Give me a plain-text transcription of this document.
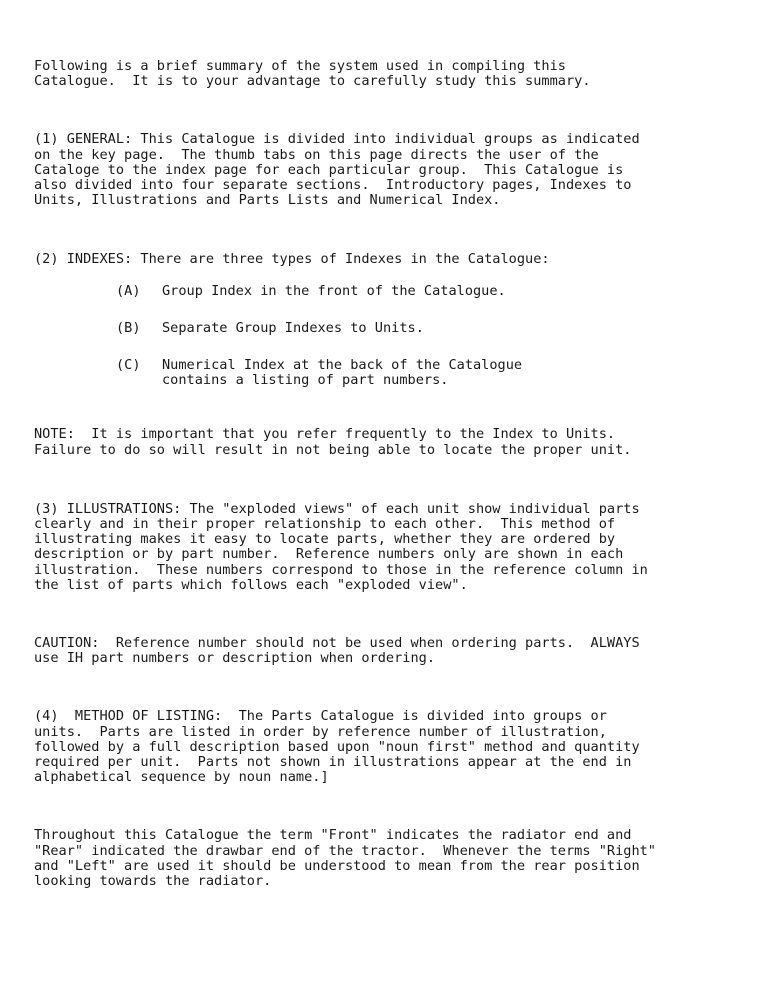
Following is a brief summary of the system used in compiling this
Catalogue.  It is to your advantage to carefully study this summary.

(1) GENERAL: This Catalogue is divided into individual groups as indicated
on the key page.  The thumb tabs on this page directs the user of the
Cataloge to the index page for each particular group.  This Catalogue is
also divided into four separate sections.  Introductory pages, Indexes to
Units, Illustrations and Parts Lists and Numerical Index.

(2) INDEXES: There are three types of Indexes in the Catalogue:

(A) Group Index in the front of the Catalogue.
(B) Separate Group Indexes to Units.
(C) Numerical Index at the back of the Catalogue
contains a listing of part numbers.

NOTE:  It is important that you refer frequently to the Index to Units.
Failure to do so will result in not being able to locate the proper unit.

(3) ILLUSTRATIONS: The "exploded views" of each unit show individual parts
clearly and in their proper relationship to each other.  This method of
illustrating makes it easy to locate parts, whether they are ordered by
description or by part number.  Reference numbers only are shown in each
illustration.  These numbers correspond to those in the reference column in
the list of parts which follows each "exploded view".

CAUTION:  Reference number should not be used when ordering parts.  ALWAYS
use IH part numbers or description when ordering.

(4)  METHOD OF LISTING:  The Parts Catalogue is divided into groups or
units.  Parts are listed in order by reference number of illustration,
followed by a full description based upon "noun first" method and quantity
required per unit.  Parts not shown in illustrations appear at the end in
alphabetical sequence by noun name.]

Throughout this Catalogue the term "Front" indicates the radiator end and
"Rear" indicated the drawbar end of the tractor.  Whenever the terms "Right"
and "Left" are used it should be understood to mean from the rear position
looking towards the radiator.
